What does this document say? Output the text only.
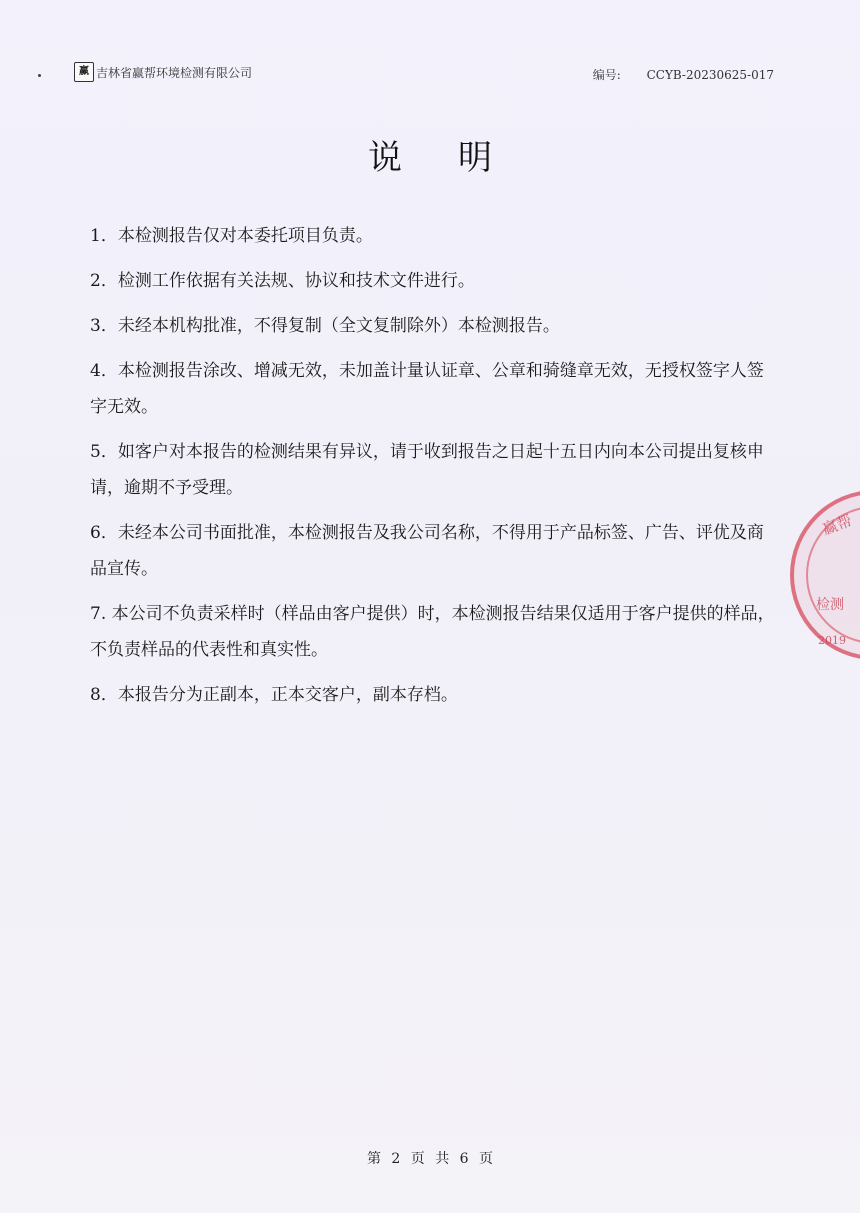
赢 吉林省赢帮环境检测有限公司	编号: CCYB-20230625-017
说明
1．本检测报告仅对本委托项目负责。
2．检测工作依据有关法规、协议和技术文件进行。
3．未经本机构批准，不得复制（全文复制除外）本检测报告。
4．本检测报告涂改、增减无效，未加盖计量认证章、公章和骑缝章无效，无授权签字人签字无效。
5．如客户对本报告的检测结果有异议，请于收到报告之日起十五日内向本公司提出复核申请，逾期不予受理。
6．未经本公司书面批准，本检测报告及我公司名称，不得用于产品标签、广告、评优及商品宣传。
7. 本公司不负责采样时（样品由客户提供）时，本检测报告结果仅适用于客户提供的样品，不负责样品的代表性和真实性。
8．本报告分为正副本，正本交客户，副本存档。
赢帮
检测
2019
第 2 页 共 6 页
